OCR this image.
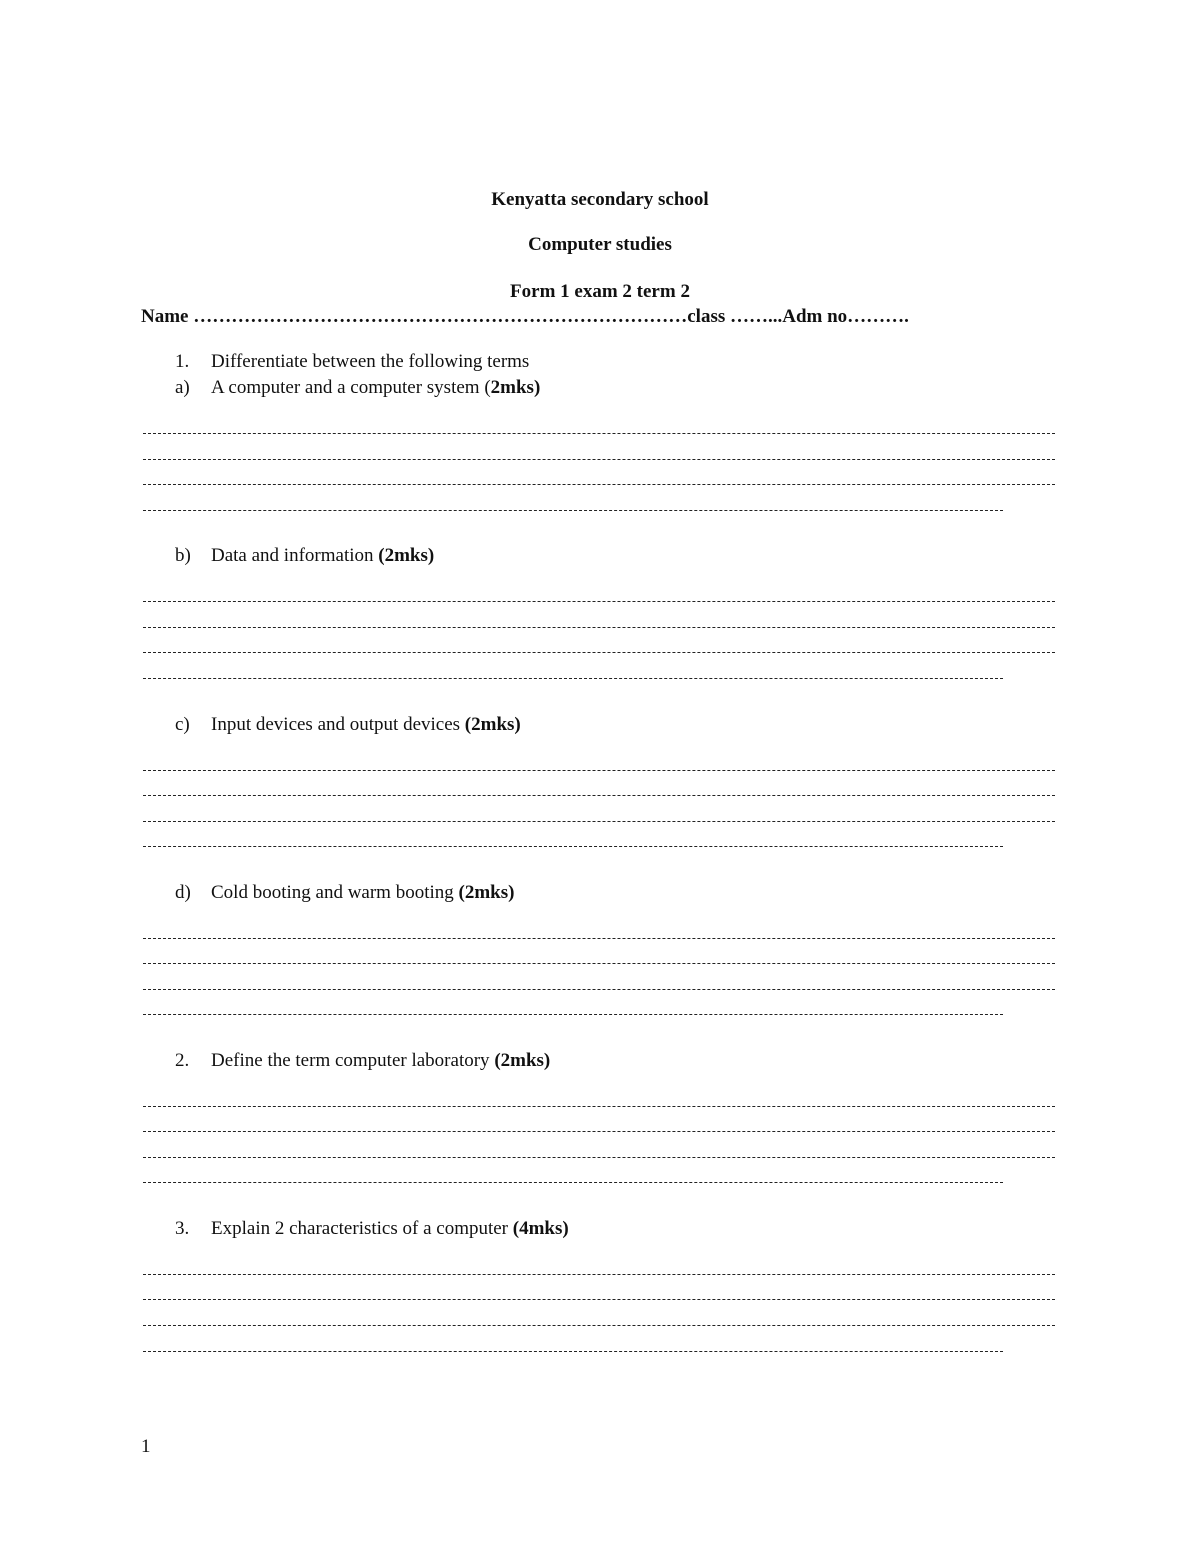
Kenyatta secondary school
Computer studies
Form 1 exam 2 term 2
Name ……………………………………………………………………class ……...Adm no……….
1. Differentiate between the following terms
a) A computer and a computer system (2mks)
b) Data and information (2mks)
c) Input devices and output devices (2mks)
d) Cold booting and warm booting (2mks)
2. Define the term computer laboratory (2mks)
3. Explain 2 characteristics of a computer (4mks)
1
